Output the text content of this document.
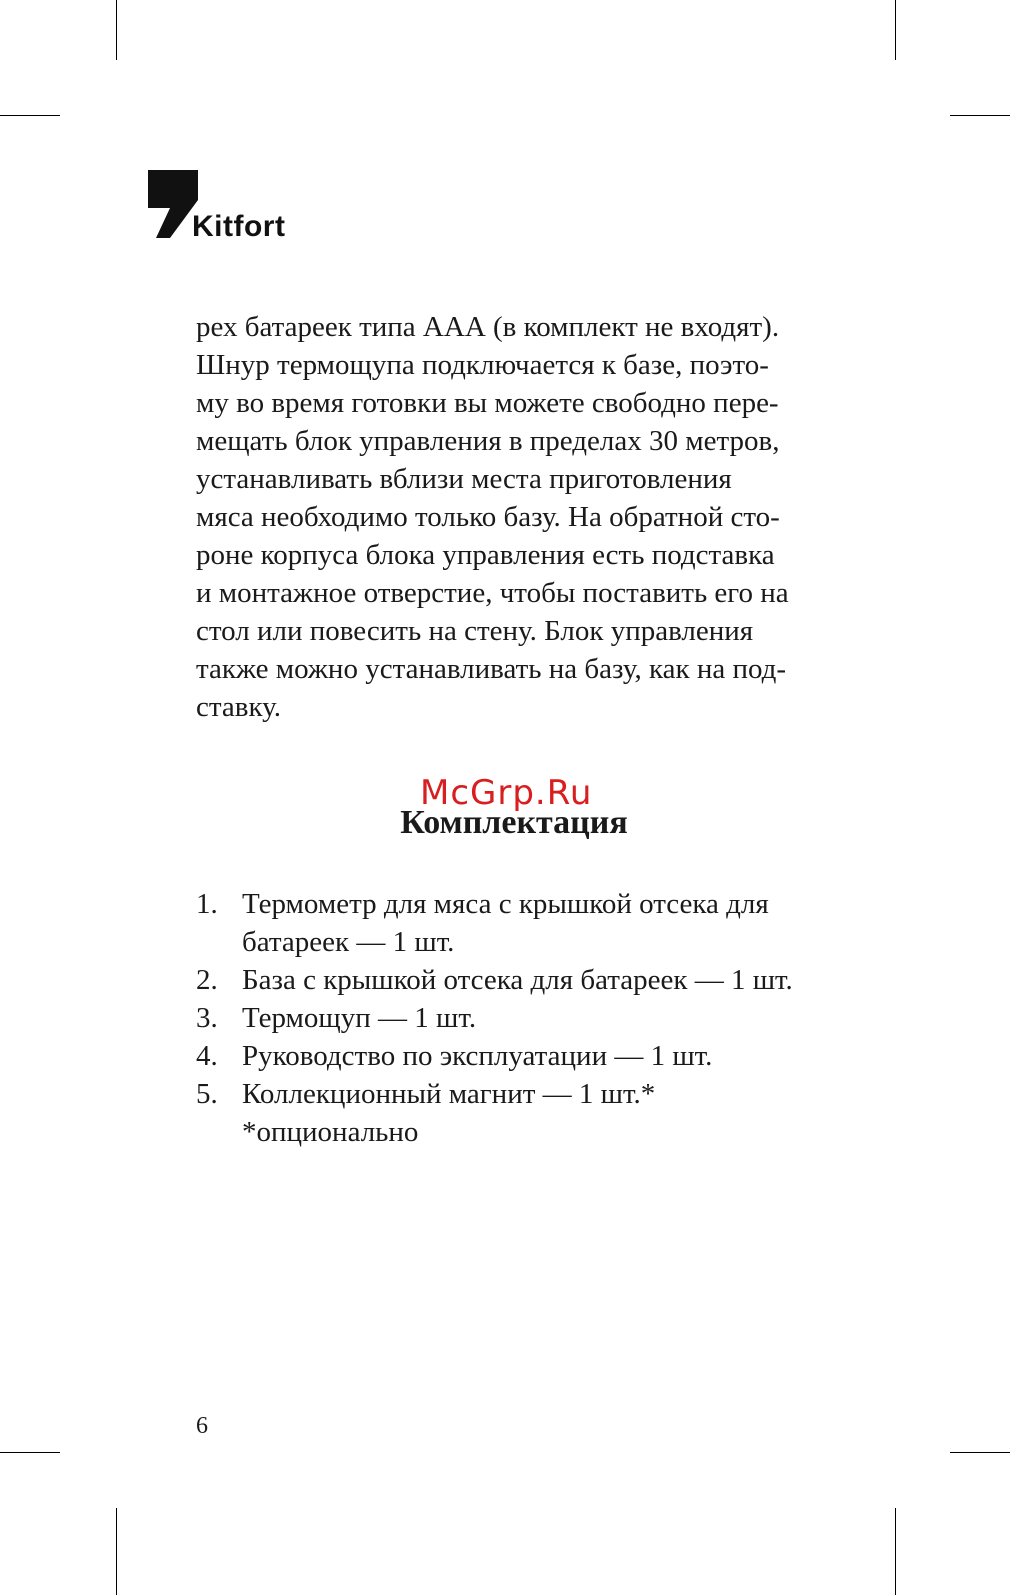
Kitfort

рех батареек типа ААА (в комплект не входят).
Шнур термощупа подключается к базе, поэто-
му во время готовки вы можете свободно пере-
мещать блок управления в пределах 30 метров,
устанавливать вблизи места приготовления
мяса необходимо только базу. На обратной сто-
роне корпуса блока управления есть подставка
и монтажное отверстие, чтобы поставить его на
стол или повесить на стену. Блок управления
также можно устанавливать на базу, как на под-
ставку.

McGrp.Ru
Комплектация
1. Термометр для мяса с крышкой отсека для
батареек — 1 шт.
2. База с крышкой отсека для батареек — 1 шт.
3. Термощуп — 1 шт.
4. Руководство по эксплуатации — 1 шт.
5. Коллекционный магнит — 1 шт.*
*опционально
6
